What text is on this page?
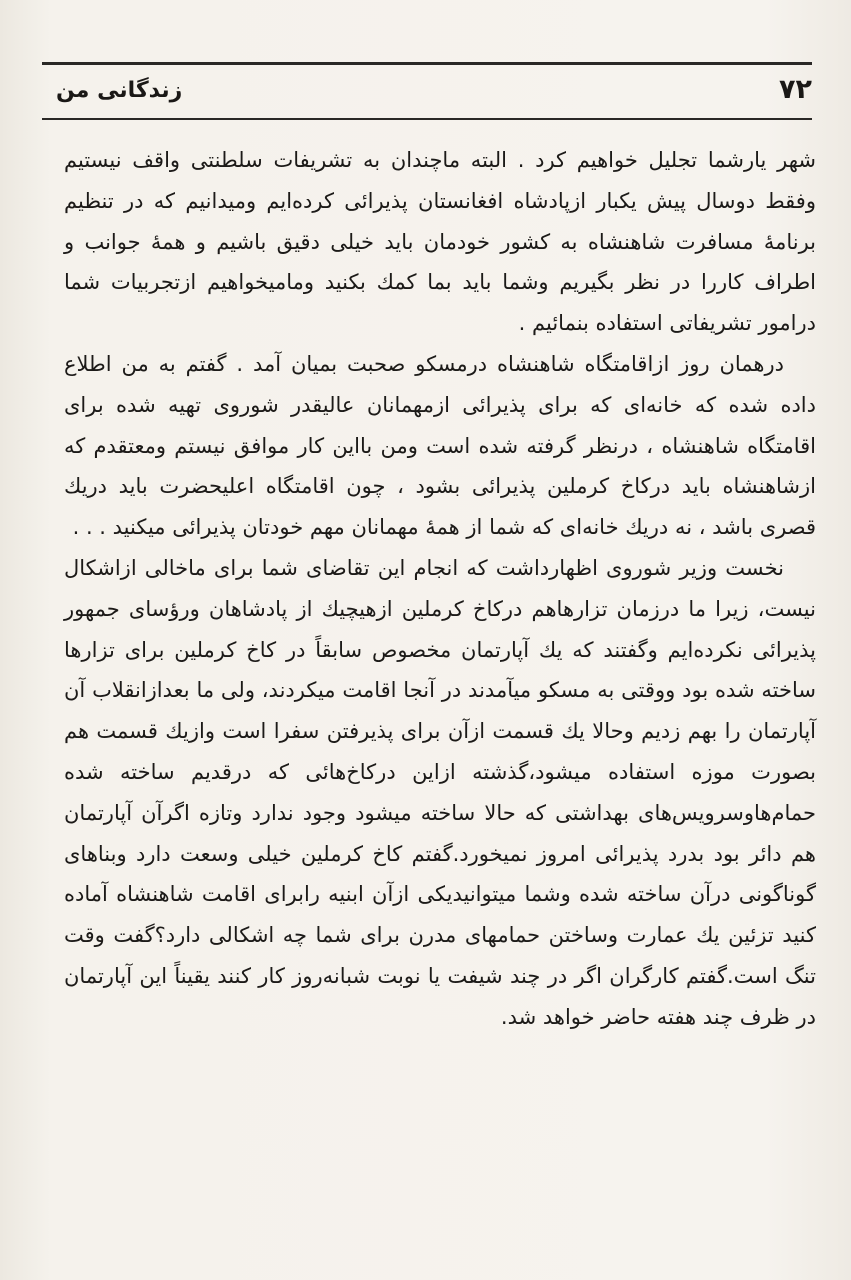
۷۲
زندگانی من

شهر یارشما تجلیل خواهیم کرد . البته ماچندان به تشریفات سلطنتی واقف نیستیم وفقط دوسال پیش یکبار ازپادشاه افغانستان پذیرائی کرده‌ایم ومیدانیم که در تنظیم برنامهٔ مسافرت شاهنشاه به کشور خودمان باید خیلی دقیق باشیم و همهٔ جوانب و اطراف کاررا در نظر بگیریم وشما باید بما کمك بکنید وماميخواهيم ازتجربيات شما درامور تشریفاتی استفاده بنمائیم .

درهمان روز ازاقامتگاه شاهنشاه درمسکو صحبت بمیان آمد . گفتم به من اطلاع داده شده که خانه‌ای که برای پذیرائی ازمهمانان عالیقدر شوروی تهیه شده برای اقامتگاه شاهنشاه ، درنظر گرفته شده است ومن بااین کار موافق نیستم ومعتقدم که ازشاهنشاه باید درکاخ کرملین پذیرائی بشود ، چون اقامتگاه اعلیحضرت باید دریك قصری باشد ، نه دریك خانه‌ای که شما از همهٔ مهمانان مهم خودتان پذیرائی میکنید . . .

نخست وزیر شوروی اظهارداشت که انجام این تقاضای شما برای ماخالی ازاشکال نیست، زیرا ما درزمان تزارهاهم درکاخ کرملین ازهیچیك از پادشاهان ورؤسای جمهور پذیرائی نکرده‌ایم وگفتند که یك آپارتمان مخصوص سابقاً در کاخ کرملین برای تزارها ساخته شده بود ووقتی به مسکو میآمدند در آنجا اقامت میکردند، ولی ما بعدازانقلاب آن آپارتمان را بهم زدیم وحالا یك قسمت ازآن برای پذیرفتن سفرا است وازیك قسمت هم بصورت موزه استفاده میشود،گذشته ازاین درکاخ‌هائی که درقدیم ساخته شده حمام‌هاوسرویس‌های بهداشتی که حالا ساخته میشود وجود ندارد وتازه اگرآن آپارتمان هم دائر بود بدرد پذیرائی امروز نمیخورد.گفتم کاخ کرملین خیلی وسعت دارد وبناهای گوناگونی درآن ساخته شده وشما میتوانیدیکی ازآن ابنیه رابرای اقامت شاهنشاه آماده کنید تزئین یك عمارت وساختن حمامهای مدرن برای شما چه اشکالی دارد؟گفت وقت تنگ است.گفتم کارگران اگر در چند شیفت یا نوبت شبانه‌روز کار کنند یقیناً این آپارتمان در ظرف چند هفته حاضر خواهد شد.
